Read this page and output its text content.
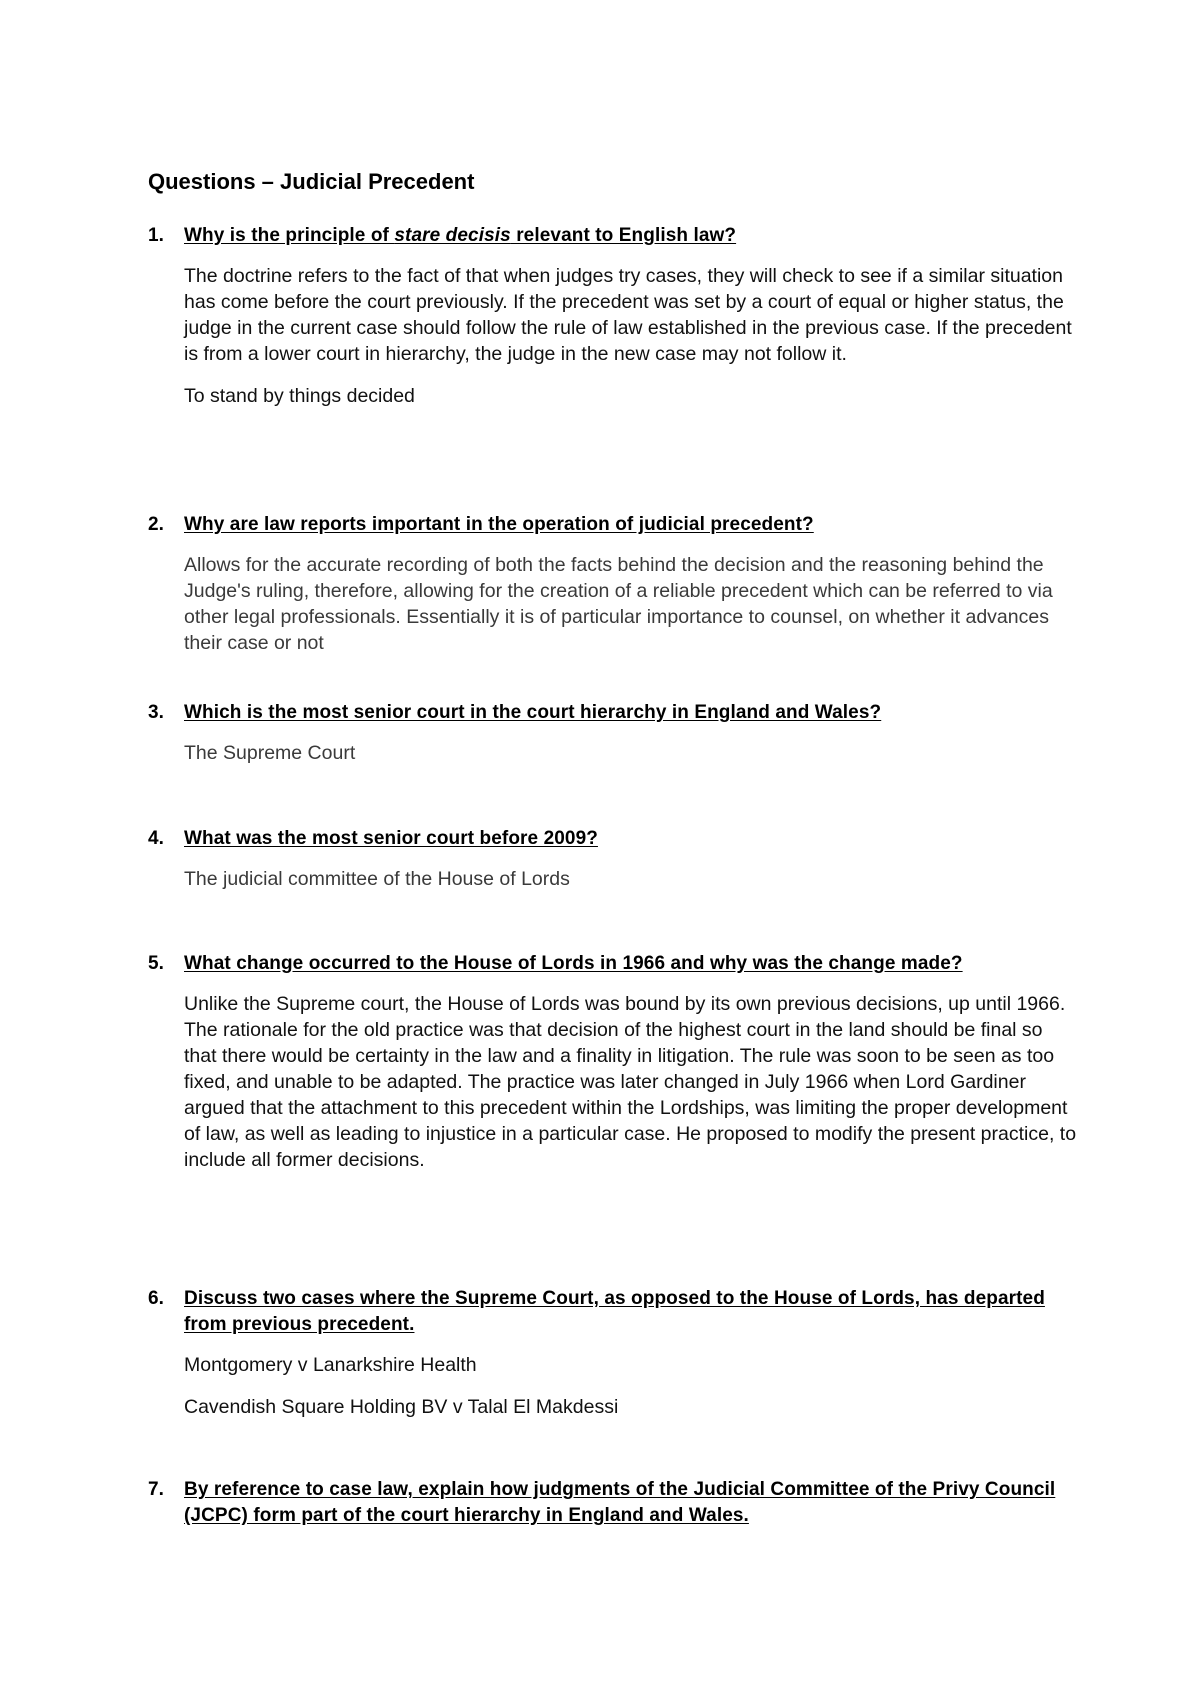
Questions – Judicial Precedent
1. Why is the principle of stare decisis relevant to English law?

The doctrine refers to the fact of that when judges try cases, they will check to see if a similar situation has come before the court previously. If the precedent was set by a court of equal or higher status, the judge in the current case should follow the rule of law established in the previous case. If the precedent is from a lower court in hierarchy, the judge in the new case may not follow it.

To stand by things decided

2. Why are law reports important in the operation of judicial precedent?

Allows for the accurate recording of both the facts behind the decision and the reasoning behind the Judge's ruling, therefore, allowing for the creation of a reliable precedent which can be referred to via other legal professionals. Essentially it is of particular importance to counsel, on whether it advances their case or not

3. Which is the most senior court in the court hierarchy in England and Wales?

The Supreme Court

4. What was the most senior court before 2009?

The judicial committee of the House of Lords

5. What change occurred to the House of Lords in 1966 and why was the change made?

Unlike the Supreme court, the House of Lords was bound by its own previous decisions, up until 1966. The rationale for the old practice was that decision of the highest court in the land should be final so that there would be certainty in the law and a finality in litigation. The rule was soon to be seen as too fixed, and unable to be adapted. The practice was later changed in July 1966 when Lord Gardiner argued that the attachment to this precedent within the Lordships, was limiting the proper development of law, as well as leading to injustice in a particular case. He proposed to modify the present practice, to include all former decisions.

6. Discuss two cases where the Supreme Court, as opposed to the House of Lords, has departed from previous precedent.

Montgomery v Lanarkshire Health

Cavendish Square Holding BV v Talal El Makdessi

7. By reference to case law, explain how judgments of the Judicial Committee of the Privy Council (JCPC) form part of the court hierarchy in England and Wales.
